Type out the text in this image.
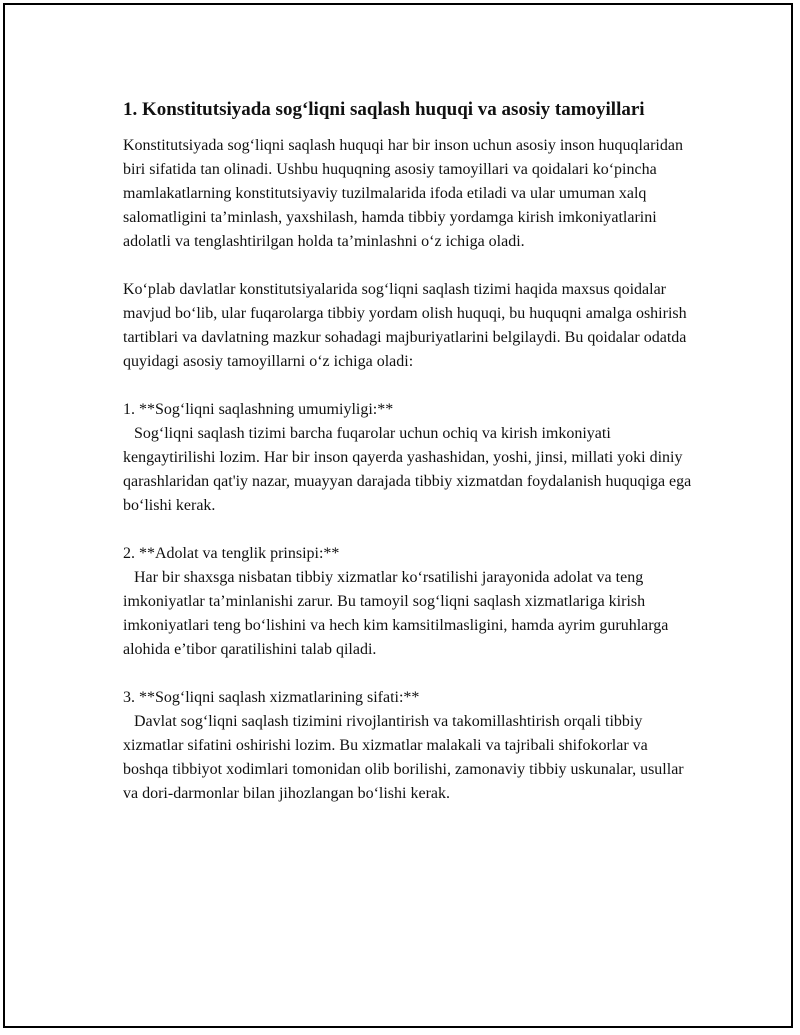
1. Konstitutsiyada sog‘liqni saqlash huquqi va asosiy tamoyillari

Konstitutsiyada sog‘liqni saqlash huquqi har bir inson uchun asosiy inson huquqlaridan biri sifatida tan olinadi. Ushbu huquqning asosiy tamoyillari va qoidalari ko‘pincha mamlakatlarning konstitutsiyaviy tuzilmalarida ifoda etiladi va ular umuman xalq salomatligini ta’minlash, yaxshilash, hamda tibbiy yordamga kirish imkoniyatlarini adolatli va tenglashtirilgan holda ta’minlashni o‘z ichiga oladi.

Ko‘plab davlatlar konstitutsiyalarida sog‘liqni saqlash tizimi haqida maxsus qoidalar mavjud bo‘lib, ular fuqarolarga tibbiy yordam olish huquqi, bu huquqni amalga oshirish tartiblari va davlatning mazkur sohadagi majburiyatlarini belgilaydi. Bu qoidalar odatda quyidagi asosiy tamoyillarni o‘z ichiga oladi:

1. **Sog‘liqni saqlashning umumiyligi:**
Sog‘liqni saqlash tizimi barcha fuqarolar uchun ochiq va kirish imkoniyati kengaytirilishi lozim. Har bir inson qayerda yashashidan, yoshi, jinsi, millati yoki diniy qarashlaridan qat'iy nazar, muayyan darajada tibbiy xizmatdan foydalanish huquqiga ega bo‘lishi kerak.
2. **Adolat va tenglik prinsipi:**
Har bir shaxsga nisbatan tibbiy xizmatlar ko‘rsatilishi jarayonida adolat va teng imkoniyatlar ta’minlanishi zarur. Bu tamoyil sog‘liqni saqlash xizmatlariga kirish imkoniyatlari teng bo‘lishini va hech kim kamsitilmasligini, hamda ayrim guruhlarga alohida e’tibor qaratilishini talab qiladi.
3. **Sog‘liqni saqlash xizmatlarining sifati:**
Davlat sog‘liqni saqlash tizimini rivojlantirish va takomillashtirish orqali tibbiy xizmatlar sifatini oshirishi lozim. Bu xizmatlar malakali va tajribali shifokorlar va boshqa tibbiyot xodimlari tomonidan olib borilishi, zamonaviy tibbiy uskunalar, usullar va dori-darmonlar bilan jihozlangan bo‘lishi kerak.
